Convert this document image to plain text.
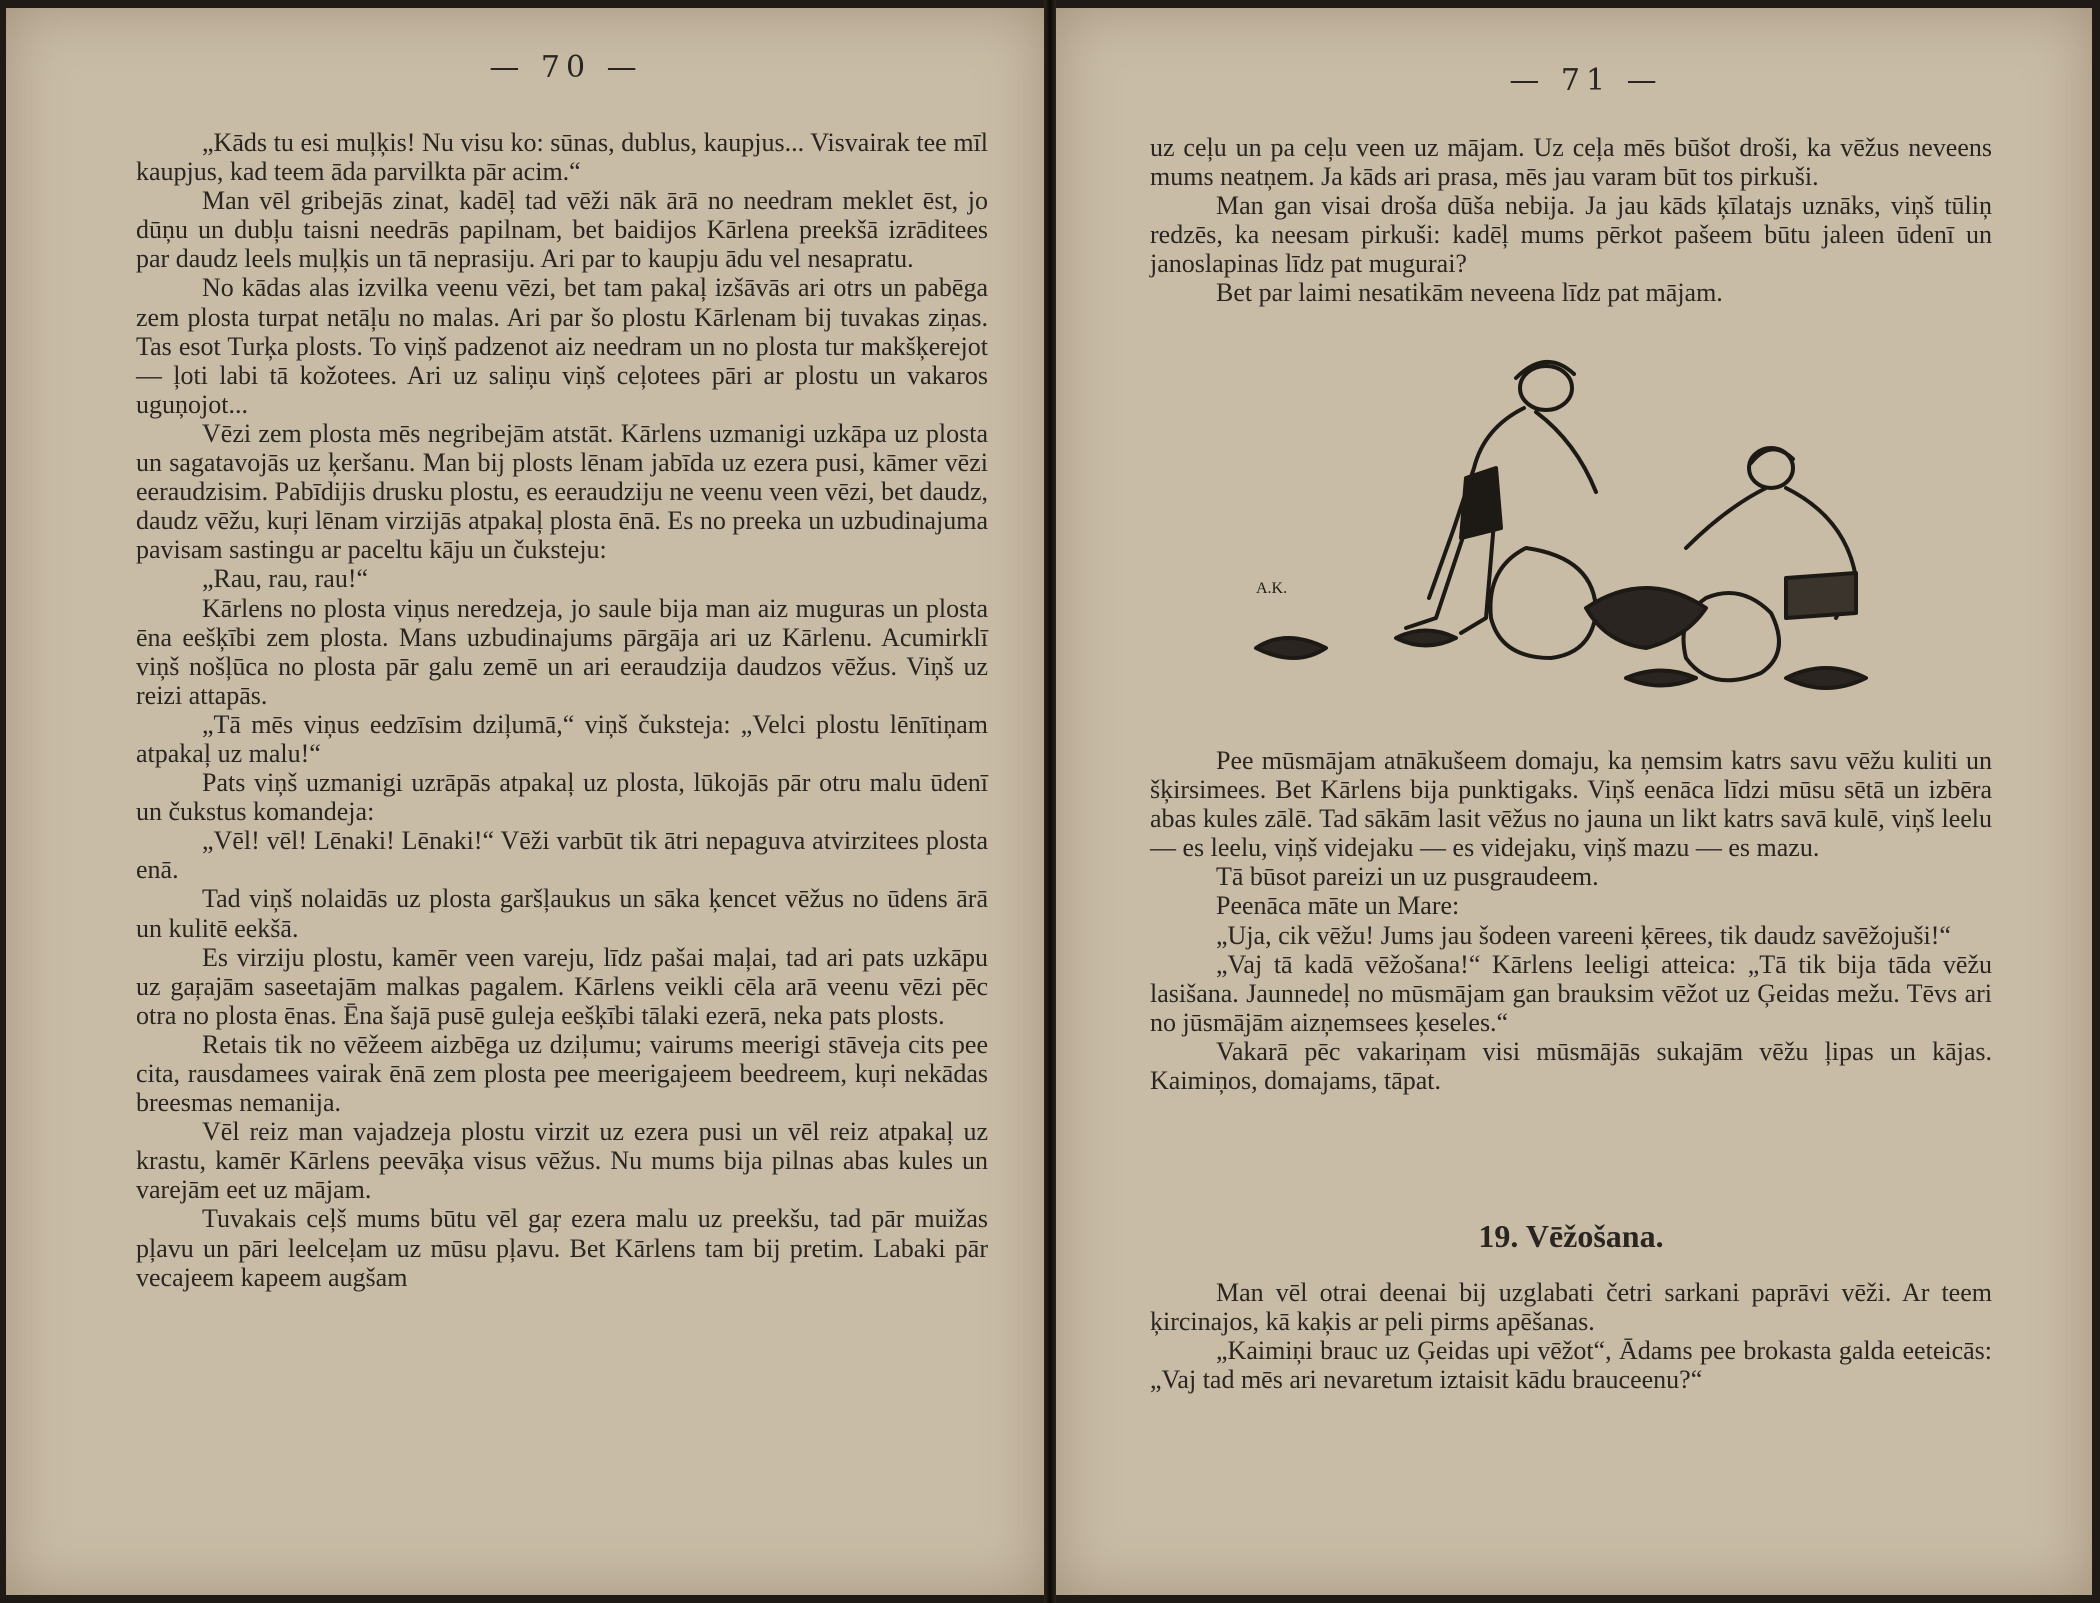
— 70 —

„Kāds tu esi muļķis! Nu visu ko: sūnas, dublus, kaupjus... Visvairak tee mīl kaupjus, kad teem āda parvilkta pār acim.“

Man vēl gribejās zinat, kadēļ tad vēži nāk ārā no needram meklet ēst, jo dūņu un dubļu taisni needrās papilnam, bet baidijos Kārlena preekšā izrāditees par daudz leels muļķis un tā neprasiju. Ari par to kaupju ādu vel nesapratu.

No kādas alas izvilka veenu vēzi, bet tam pakaļ izšāvās ari otrs un pabēga zem plosta turpat netāļu no malas. Ari par šo plostu Kārlenam bij tuvakas ziņas. Tas esot Turķa plosts. To viņš padzenot aiz needram un no plosta tur makšķerejot — ļoti labi tā kožotees. Ari uz saliņu viņš ceļotees pāri ar plostu un vakaros uguņojot...

Vēzi zem plosta mēs negribejām atstāt. Kārlens uzmanigi uzkāpa uz plosta un sagatavojās uz ķeršanu. Man bij plosts lēnam jabīda uz ezera pusi, kāmer vēzi eeraudzisim. Pabīdijis drusku plostu, es eeraudziju ne veenu veen vēzi, bet daudz, daudz vēžu, kuŗi lēnam virzijās atpakaļ plosta ēnā. Es no preeka un uzbudinajuma pavisam sastingu ar paceltu kāju un čuksteju:

„Rau, rau, rau!“

Kārlens no plosta viņus neredzeja, jo saule bija man aiz muguras un plosta ēna eešķībi zem plosta. Mans uzbudinajums pārgāja ari uz Kārlenu. Acumirklī viņš nošļūca no plosta pār galu zemē un ari eeraudzija daudzos vēžus. Viņš uz reizi attapās.

„Tā mēs viņus eedzīsim dziļumā,“ viņš čuksteja: „Velci plostu lēnītiņam atpakaļ uz malu!“

Pats viņš uzmanigi uzrāpās atpakaļ uz plosta, lūkojās pār otru malu ūdenī un čukstus komandeja:

„Vēl! vēl! Lēnaki! Lēnaki!“ Vēži varbūt tik ātri nepaguva atvirzitees plosta enā.

Tad viņš nolaidās uz plosta garšļaukus un sāka ķencet vēžus no ūdens ārā un kulitē eekšā.

Es virziju plostu, kamēr veen vareju, līdz pašai maļai, tad ari pats uzkāpu uz gaŗajām saseetajām malkas pagalem. Kārlens veikli cēla arā veenu vēzi pēc otra no plosta ēnas. Ēna šajā pusē guleja eešķībi tālaki ezerā, neka pats plosts.

Retais tik no vēžeem aizbēga uz dziļumu; vairums meerigi stāveja cits pee cita, rausdamees vairak ēnā zem plosta pee meerigajeem beedreem, kuŗi nekādas breesmas nemanija.

Vēl reiz man vajadzeja plostu virzit uz ezera pusi un vēl reiz atpakaļ uz krastu, kamēr Kārlens peevāķa visus vēžus. Nu mums bija pilnas abas kules un varejām eet uz mājam.

Tuvakais ceļš mums būtu vēl gaŗ ezera malu uz preekšu, tad pār muižas pļavu un pāri leelceļam uz mūsu pļavu. Bet Kārlens tam bij pretim. Labaki pār vecajeem kapeem augšam

— 71 —

uz ceļu un pa ceļu veen uz mājam. Uz ceļa mēs būšot droši, ka vēžus neveens mums neatņem. Ja kāds ari prasa, mēs jau varam būt tos pirkuši.

Man gan visai droša dūša nebija. Ja jau kāds ķīlatajs uznāks, viņš tūliņ redzēs, ka neesam pirkuši: kadēļ mums pērkot pašeem būtu jaleen ūdenī un janoslapinas līdz pat mugurai?

Bet par laimi nesatikām neveena līdz pat mājam.

A.K.

Pee mūsmājam atnākušeem domaju, ka ņemsim katrs savu vēžu kuliti un šķirsimees. Bet Kārlens bija punktigaks. Viņš eenāca līdzi mūsu sētā un izbēra abas kules zālē. Tad sākām lasit vēžus no jauna un likt katrs savā kulē, viņš leelu — es leelu, viņš videjaku — es videjaku, viņš mazu — es mazu.

Tā būsot pareizi un uz pusgraudeem.

Peenāca māte un Mare:

„Uja, cik vēžu! Jums jau šodeen vareeni ķērees, tik daudz savēžojuši!“

„Vaj tā kadā vēžošana!“ Kārlens leeligi atteica: „Tā tik bija tāda vēžu lasišana. Jaunnedeļ no mūsmājam gan brauksim vēžot uz Ģeidas mežu. Tēvs ari no jūsmājām aizņemsees ķeseles.“

Vakarā pēc vakariņam visi mūsmājās sukajām vēžu ļipas un kājas. Kaimiņos, domajams, tāpat.

19. Vēžošana.

Man vēl otrai deenai bij uzglabati četri sarkani paprāvi vēži. Ar teem ķircinajos, kā kaķis ar peli pirms apēšanas.

„Kaimiņi brauc uz Ģeidas upi vēžot“, Ādams pee brokasta galda eeteicās: „Vaj tad mēs ari nevaretum iztaisit kādu brauceenu?“
